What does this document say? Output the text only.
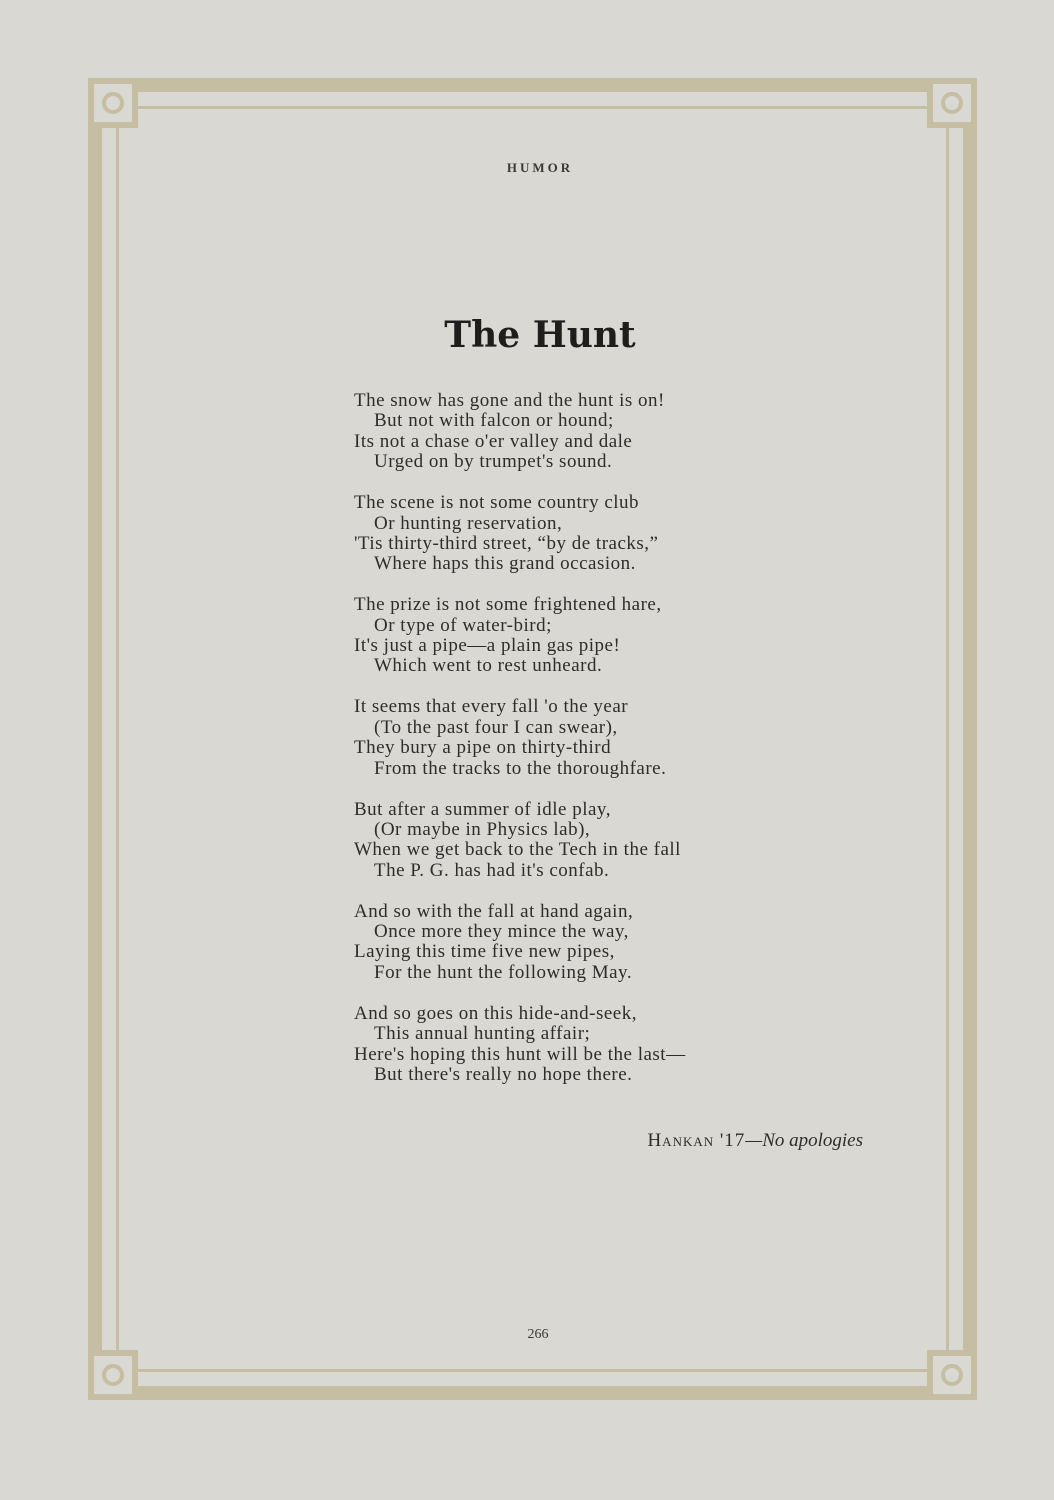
HUMOR
The Hunt
The snow has gone and the hunt is on!
But not with falcon or hound;
Its not a chase o'er valley and dale
Urged on by trumpet's sound.
The scene is not some country club
Or hunting reservation,
'Tis thirty-third street, “by de tracks,”
Where haps this grand occasion.
The prize is not some frightened hare,
Or type of water-bird;
It's just a pipe—a plain gas pipe!
Which went to rest unheard.
It seems that every fall 'o the year
(To the past four I can swear),
They bury a pipe on thirty-third
From the tracks to the thoroughfare.
But after a summer of idle play,
(Or maybe in Physics lab),
When we get back to the Tech in the fall
The P. G. has had it's confab.
And so with the fall at hand again,
Once more they mince the way,
Laying this time five new pipes,
For the hunt the following May.
And so goes on this hide-and-seek,
This annual hunting affair;
Here's hoping this hunt will be the last—
But there's really no hope there.
Hankan '17—No apologies
266
